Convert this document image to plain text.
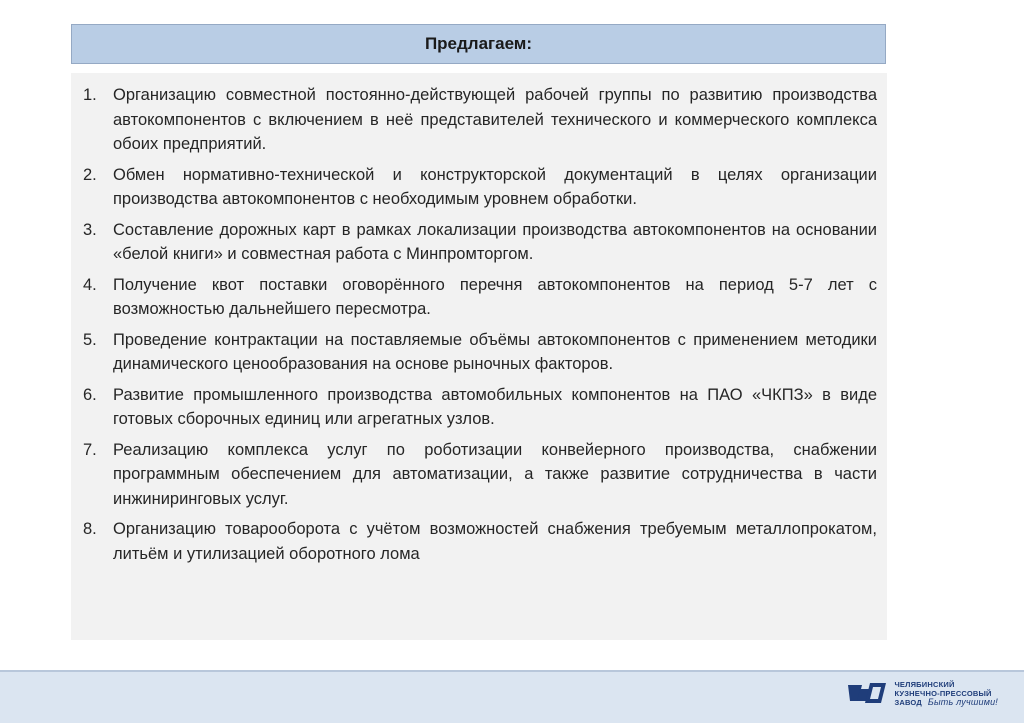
Предлагаем:
1. Организацию совместной постоянно-действующей рабочей группы по развитию производства автокомпонентов с включением в неё представителей технического и коммерческого комплекса обоих предприятий.
2. Обмен нормативно-технической и конструкторской документаций в целях организации производства автокомпонентов с необходимым уровнем обработки.
3. Составление дорожных карт в рамках локализации производства автокомпонентов на основании «белой книги» и совместная работа с Минпромторгом.
4. Получение квот поставки оговорённого перечня автокомпонентов на период 5-7 лет с возможностью дальнейшего пересмотра.
5. Проведение контрактации на поставляемые объёмы автокомпонентов с применением методики динамического ценообразования на основе рыночных факторов.
6. Развитие промышленного производства автомобильных компонентов на ПАО «ЧКПЗ» в виде готовых сборочных единиц или агрегатных узлов.
7. Реализацию комплекса услуг по роботизации конвейерного производства, снабжении программным обеспечением для автоматизации, а также развитие сотрудничества в части инжиниринговых услуг.
8. Организацию товарооборота с учётом возможностей снабжения требуемым металлопрокатом, литьём и утилизацией оборотного лома
ЧЕЛЯБИНСКИЙ
КУЗНЕЧНО-ПРЕССОВЫЙ
ЗАВОД Быть лучшими!
